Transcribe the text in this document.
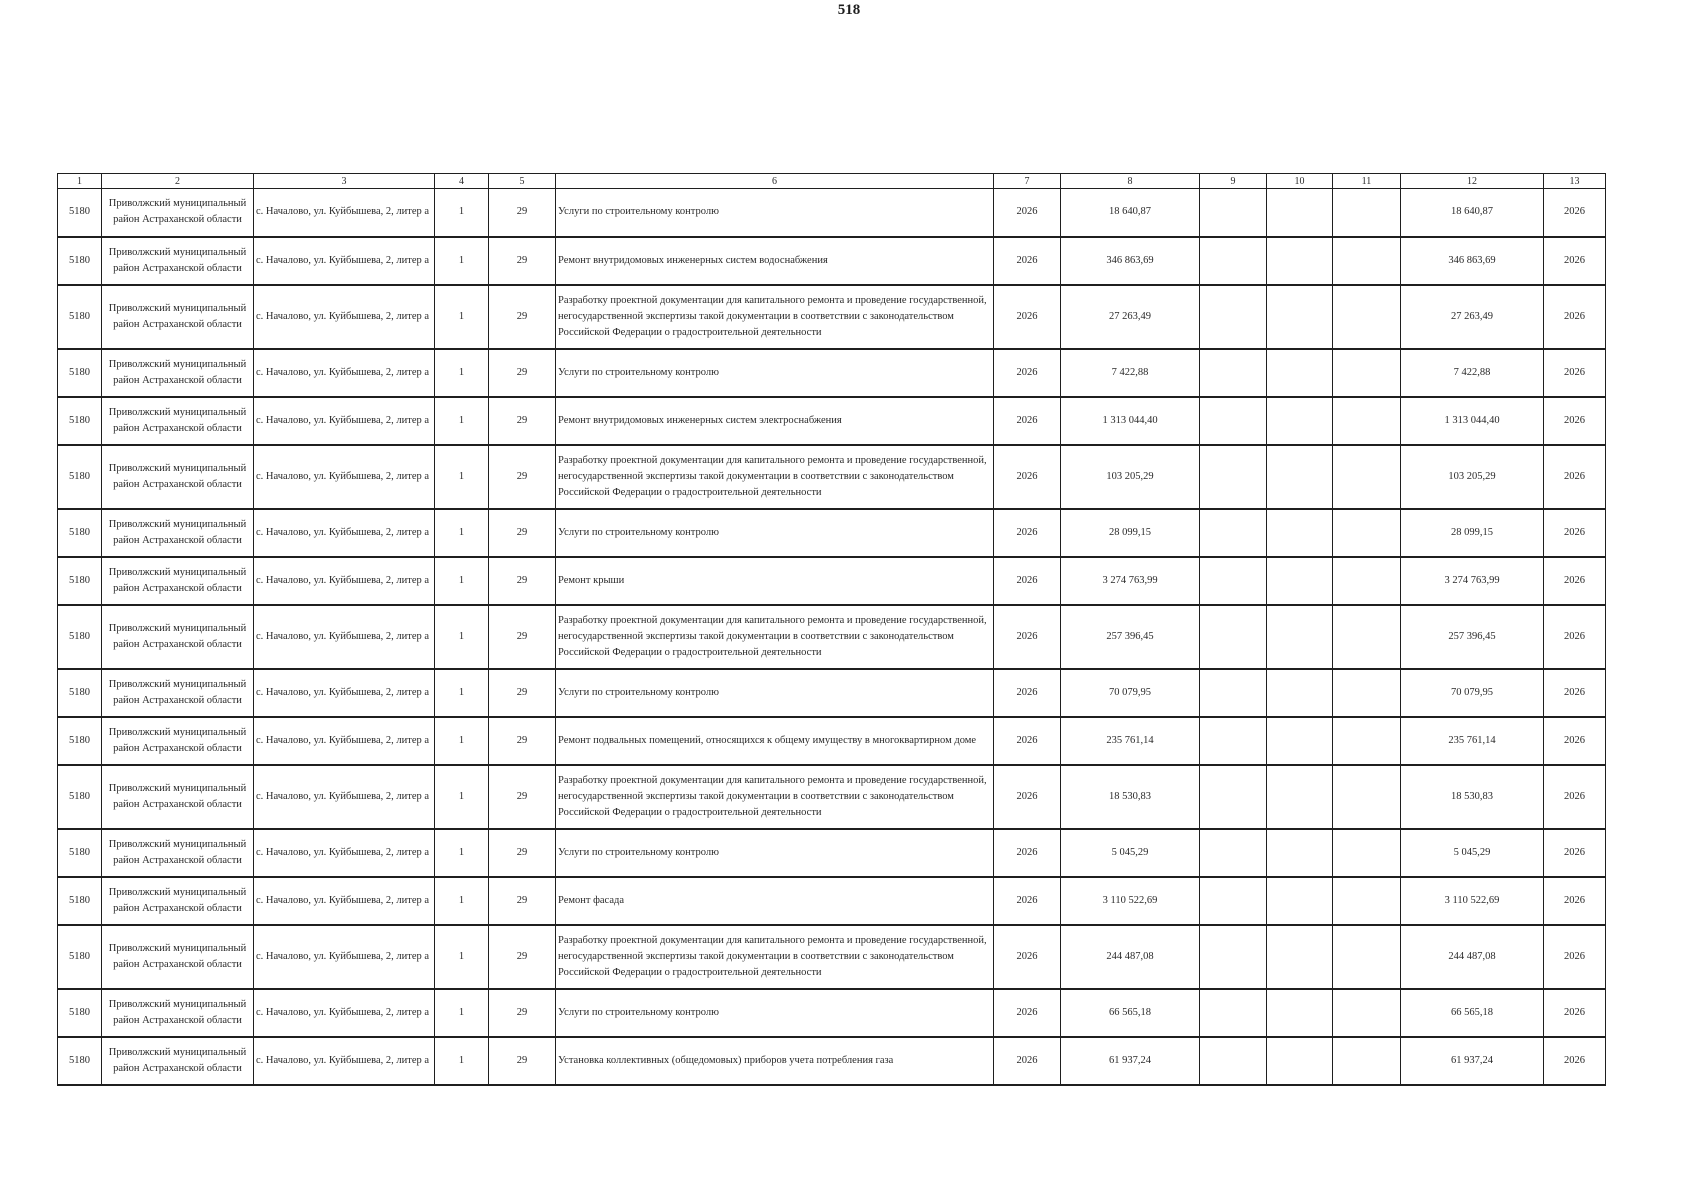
518
1	2	3	4	5	6	7	8	9	10	11	12	13
5180	Приволжский муниципальный район Астраханской области	с. Началово, ул. Куйбышева, 2, литер а	1	29	Услуги по строительному контролю	2026	18 640,87				18 640,87	2026
5180	Приволжский муниципальный район Астраханской области	с. Началово, ул. Куйбышева, 2, литер а	1	29	Ремонт внутридомовых инженерных систем водоснабжения	2026	346 863,69				346 863,69	2026
5180	Приволжский муниципальный район Астраханской области	с. Началово, ул. Куйбышева, 2, литер а	1	29	Разработку проектной документации для капитального ремонта и проведение государственной, негосударственной экспертизы такой документации в соответствии с законодательством Российской Федерации о градостроительной деятельности	2026	27 263,49				27 263,49	2026
5180	Приволжский муниципальный район Астраханской области	с. Началово, ул. Куйбышева, 2, литер а	1	29	Услуги по строительному контролю	2026	7 422,88				7 422,88	2026
5180	Приволжский муниципальный район Астраханской области	с. Началово, ул. Куйбышева, 2, литер а	1	29	Ремонт внутридомовых инженерных систем электроснабжения	2026	1 313 044,40				1 313 044,40	2026
5180	Приволжский муниципальный район Астраханской области	с. Началово, ул. Куйбышева, 2, литер а	1	29	Разработку проектной документации для капитального ремонта и проведение государственной, негосударственной экспертизы такой документации в соответствии с законодательством Российской Федерации о градостроительной деятельности	2026	103 205,29				103 205,29	2026
5180	Приволжский муниципальный район Астраханской области	с. Началово, ул. Куйбышева, 2, литер а	1	29	Услуги по строительному контролю	2026	28 099,15				28 099,15	2026
5180	Приволжский муниципальный район Астраханской области	с. Началово, ул. Куйбышева, 2, литер а	1	29	Ремонт крыши	2026	3 274 763,99				3 274 763,99	2026
5180	Приволжский муниципальный район Астраханской области	с. Началово, ул. Куйбышева, 2, литер а	1	29	Разработку проектной документации для капитального ремонта и проведение государственной, негосударственной экспертизы такой документации в соответствии с законодательством Российской Федерации о градостроительной деятельности	2026	257 396,45				257 396,45	2026
5180	Приволжский муниципальный район Астраханской области	с. Началово, ул. Куйбышева, 2, литер а	1	29	Услуги по строительному контролю	2026	70 079,95				70 079,95	2026
5180	Приволжский муниципальный район Астраханской области	с. Началово, ул. Куйбышева, 2, литер а	1	29	Ремонт подвальных помещений, относящихся к общему имуществу в многоквартирном доме	2026	235 761,14				235 761,14	2026
5180	Приволжский муниципальный район Астраханской области	с. Началово, ул. Куйбышева, 2, литер а	1	29	Разработку проектной документации для капитального ремонта и проведение государственной, негосударственной экспертизы такой документации в соответствии с законодательством Российской Федерации о градостроительной деятельности	2026	18 530,83				18 530,83	2026
5180	Приволжский муниципальный район Астраханской области	с. Началово, ул. Куйбышева, 2, литер а	1	29	Услуги по строительному контролю	2026	5 045,29				5 045,29	2026
5180	Приволжский муниципальный район Астраханской области	с. Началово, ул. Куйбышева, 2, литер а	1	29	Ремонт фасада	2026	3 110 522,69				3 110 522,69	2026
5180	Приволжский муниципальный район Астраханской области	с. Началово, ул. Куйбышева, 2, литер а	1	29	Разработку проектной документации для капитального ремонта и проведение государственной, негосударственной экспертизы такой документации в соответствии с законодательством Российской Федерации о градостроительной деятельности	2026	244 487,08				244 487,08	2026
5180	Приволжский муниципальный район Астраханской области	с. Началово, ул. Куйбышева, 2, литер а	1	29	Услуги по строительному контролю	2026	66 565,18				66 565,18	2026
5180	Приволжский муниципальный район Астраханской области	с. Началово, ул. Куйбышева, 2, литер а	1	29	Установка коллективных (общедомовых) приборов учета потребления газа	2026	61 937,24				61 937,24	2026
